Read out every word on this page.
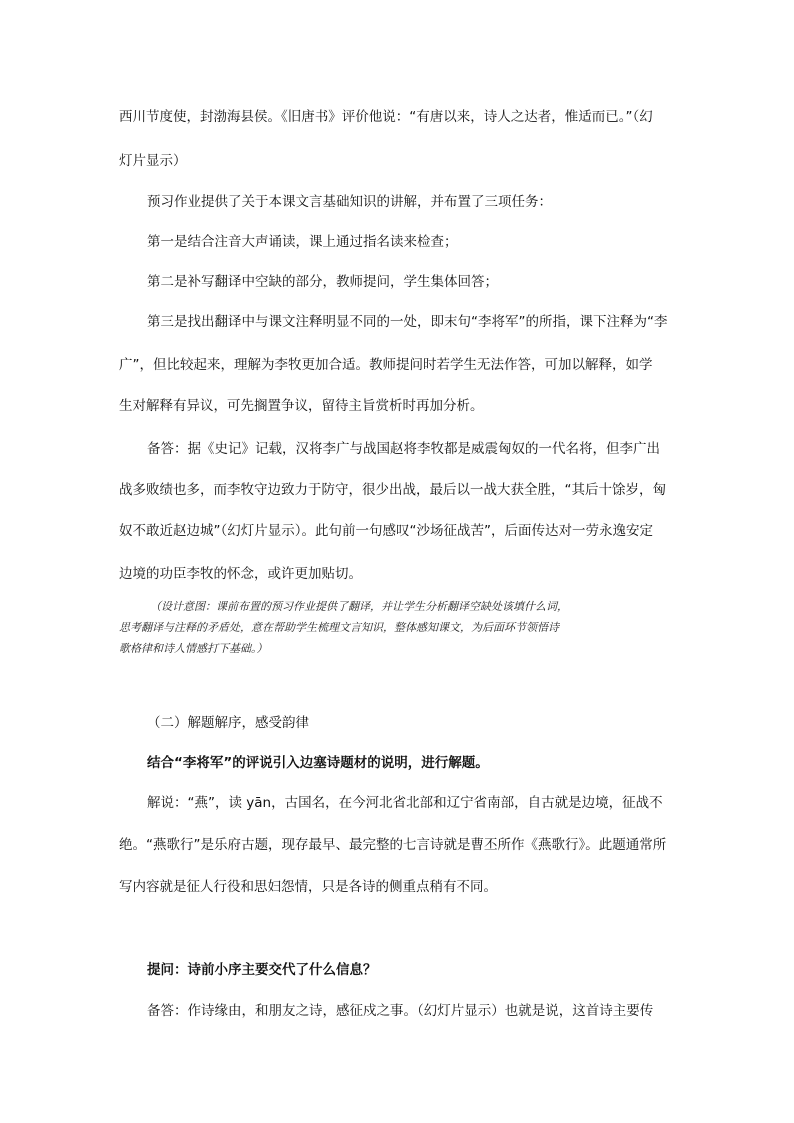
西川节度使，封渤海县侯。《旧唐书》评价他说：“有唐以来，诗人之达者，惟适而已。”（幻

灯片显示）

预习作业提供了关于本课文言基础知识的讲解，并布置了三项任务：

第一是结合注音大声诵读，课上通过指名读来检查；

第二是补写翻译中空缺的部分，教师提问，学生集体回答；

第三是找出翻译中与课文注释明显不同的一处，即末句“李将军”的所指，课下注释为“李

广”，但比较起来，理解为李牧更加合适。教师提问时若学生无法作答，可加以解释，如学

生对解释有异议，可先搁置争议，留待主旨赏析时再加分析。

备答：据《史记》记载，汉将李广与战国赵将李牧都是威震匈奴的一代名将，但李广出

战多败绩也多，而李牧守边致力于防守，很少出战，最后以一战大获全胜，“其后十馀岁，匈

奴不敢近赵边城”（幻灯片显示）。此句前一句感叹“沙场征战苦”，后面传达对一劳永逸安定

边境的功臣李牧的怀念，或许更加贴切。

（设计意图：课前布置的预习作业提供了翻译，并让学生分析翻译空缺处该填什么词，
思考翻译与注释的矛盾处，意在帮助学生梳理文言知识，整体感知课文，为后面环节领悟诗
歌格律和诗人情感打下基础。）

（二）解题解序，感受韵律

结合“李将军”的评说引入边塞诗题材的说明，进行解题。

解说：“燕”，读 yān，古国名，在今河北省北部和辽宁省南部，自古就是边境，征战不

绝。“燕歌行”是乐府古题，现存最早、最完整的七言诗就是曹丕所作《燕歌行》。此题通常所

写内容就是征人行役和思妇怨情，只是各诗的侧重点稍有不同。

提问：诗前小序主要交代了什么信息？

备答：作诗缘由，和朋友之诗，感征戍之事。（幻灯片显示）也就是说，这首诗主要传
